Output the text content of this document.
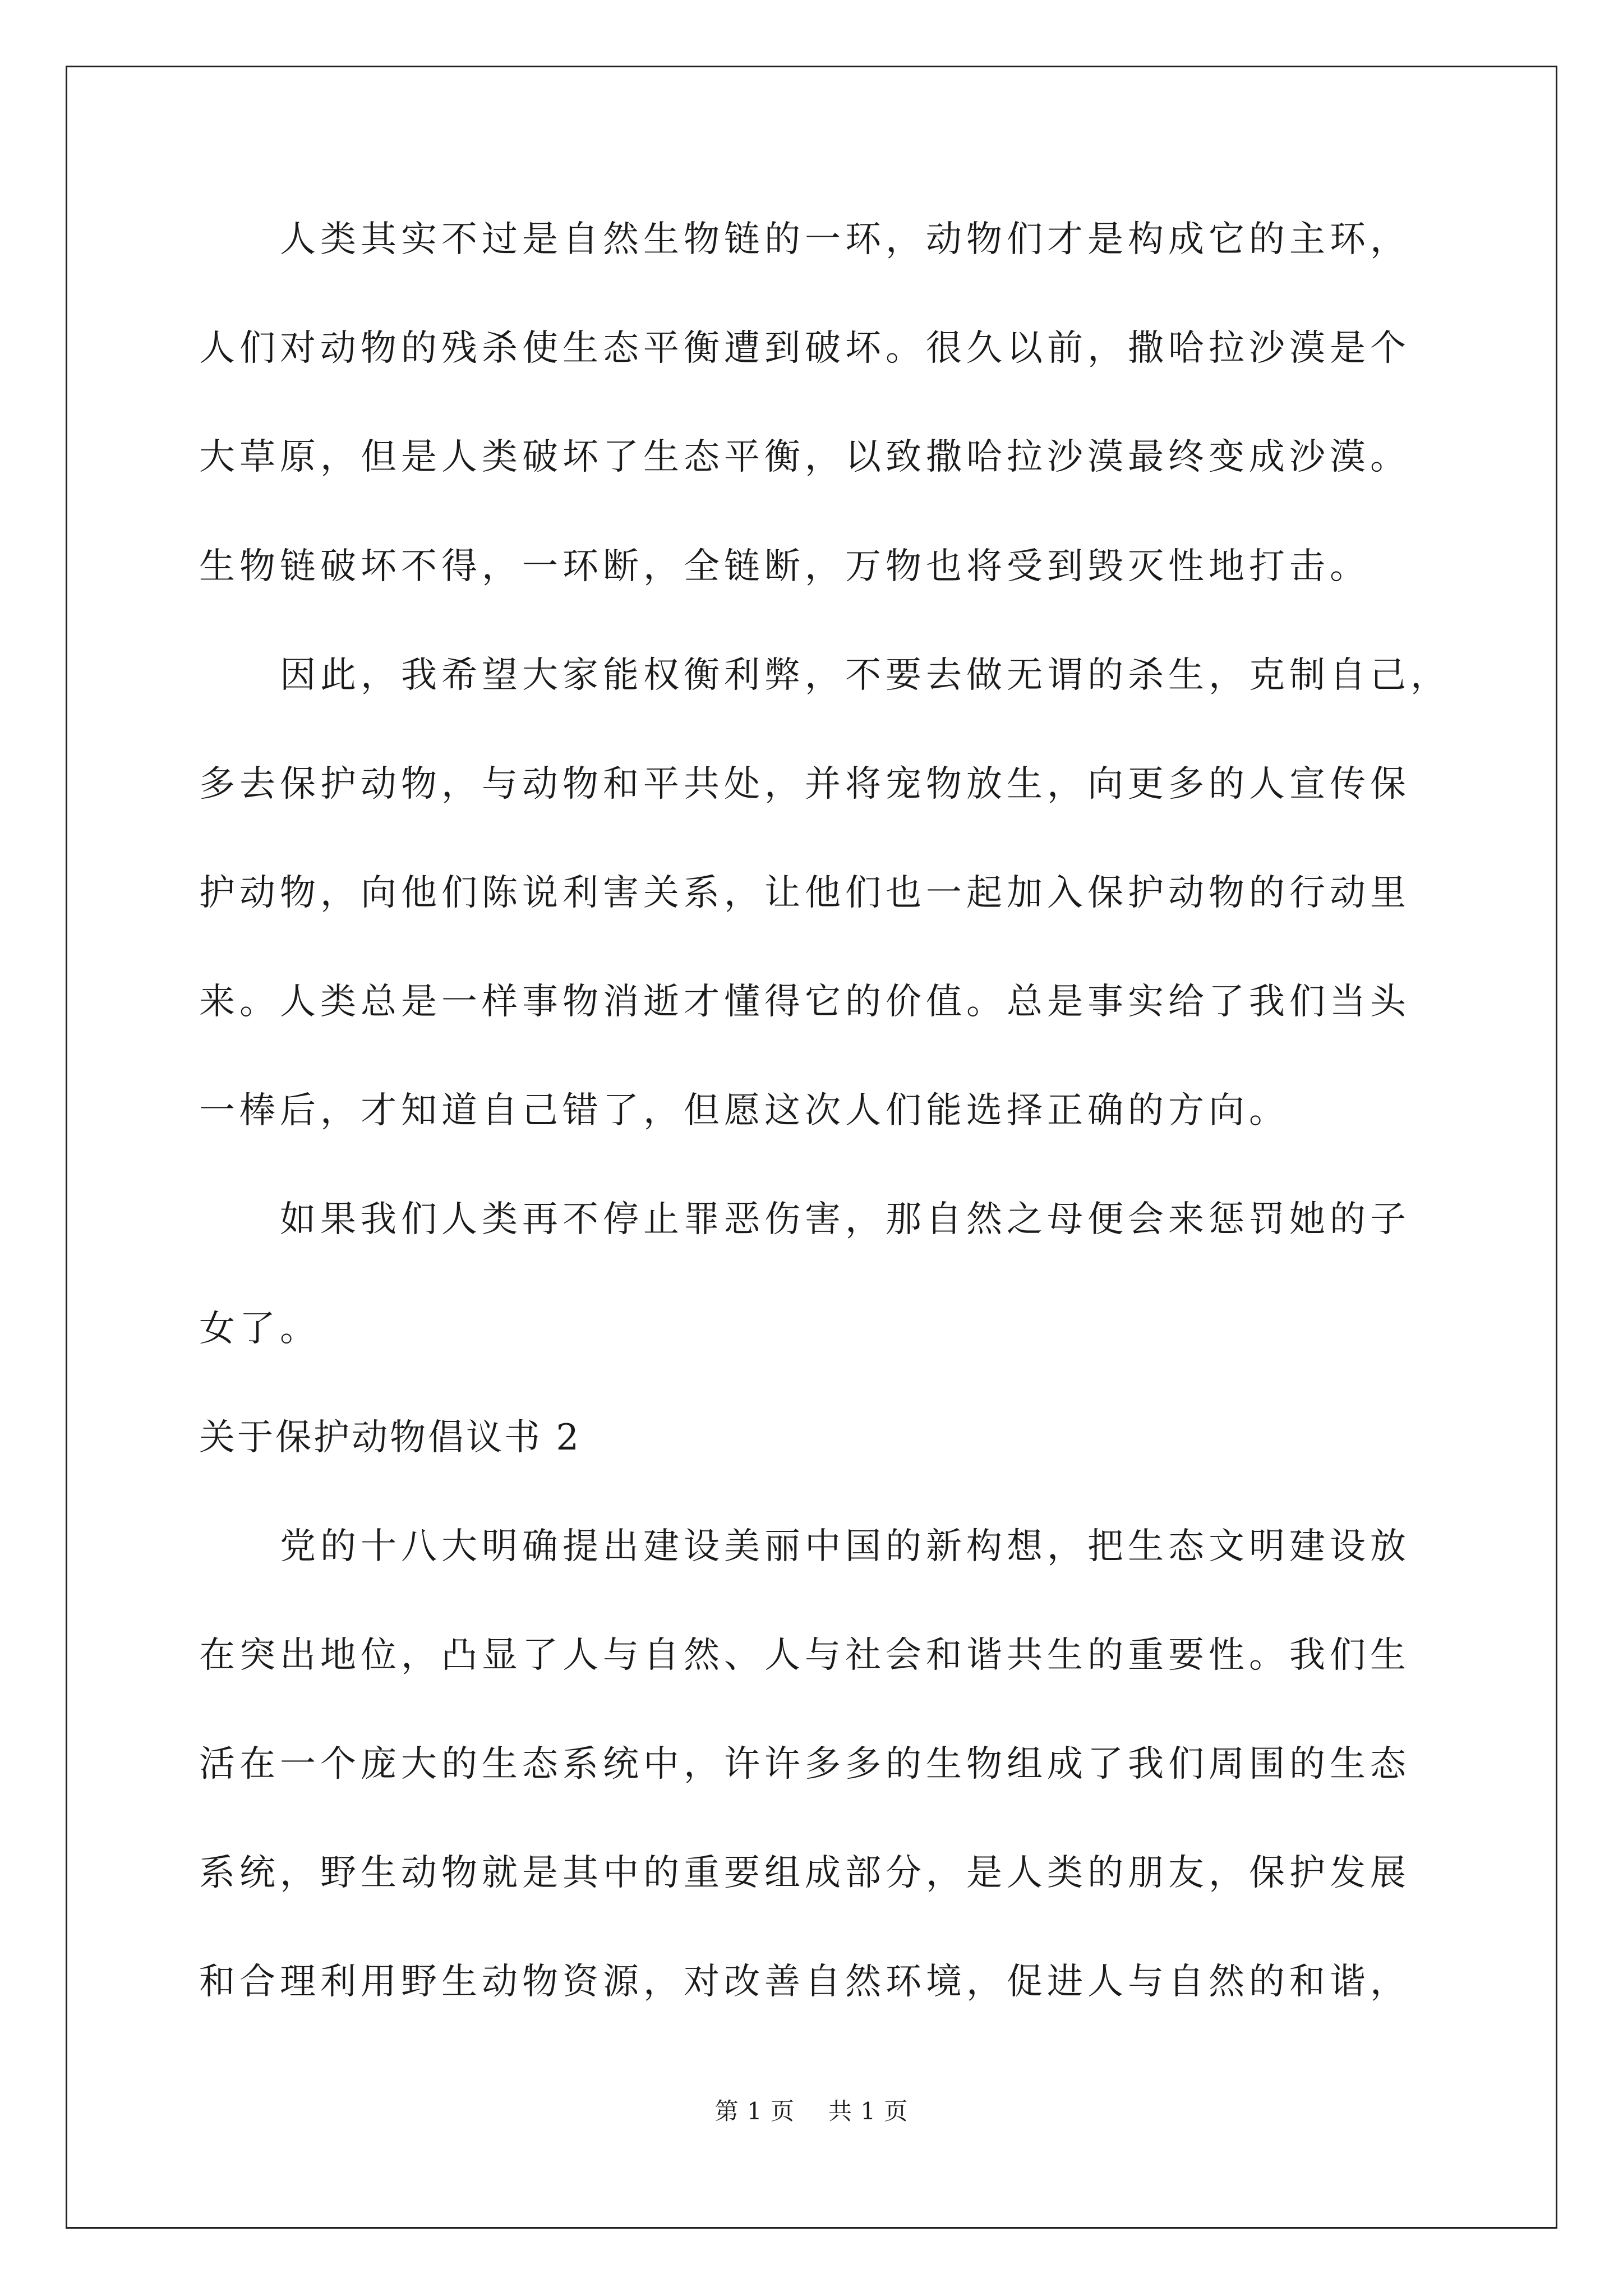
　　人类其实不过是自然生物链的一环，动物们才是构成它的主环，
人们对动物的残杀使生态平衡遭到破坏。很久以前，撒哈拉沙漠是个
大草原，但是人类破坏了生态平衡，以致撒哈拉沙漠最终变成沙漠。
生物链破坏不得，一环断，全链断，万物也将受到毁灭性地打击。
　　因此，我希望大家能权衡利弊，不要去做无谓的杀生，克制自己，
多去保护动物，与动物和平共处，并将宠物放生，向更多的人宣传保
护动物，向他们陈说利害关系，让他们也一起加入保护动物的行动里
来。人类总是一样事物消逝才懂得它的价值。总是事实给了我们当头
一棒后，才知道自己错了，但愿这次人们能选择正确的方向。
　　如果我们人类再不停止罪恶伤害，那自然之母便会来惩罚她的子
女了。
关于保护动物倡议书 2
　　党的十八大明确提出建设美丽中国的新构想，把生态文明建设放
在突出地位，凸显了人与自然、人与社会和谐共生的重要性。我们生
活在一个庞大的生态系统中，许许多多的生物组成了我们周围的生态
系统，野生动物就是其中的重要组成部分，是人类的朋友，保护发展
和合理利用野生动物资源，对改善自然环境，促进人与自然的和谐，
第 1 页 共 1 页
